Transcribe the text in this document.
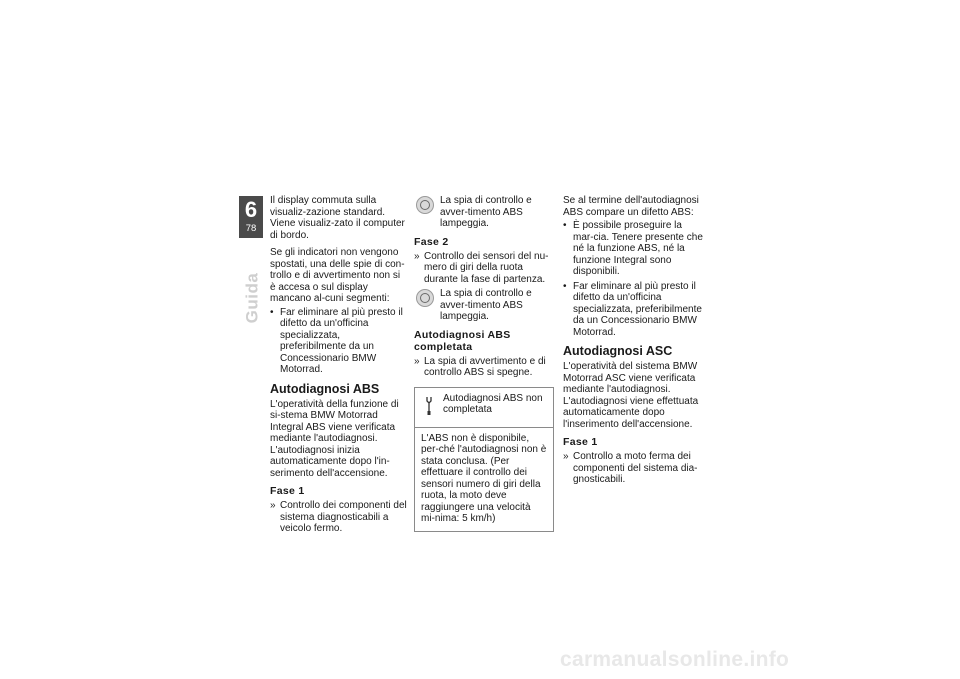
6
78
Guida

Il display commuta sulla visualiz-zazione standard. Viene visualiz-zato il computer di bordo.

Se gli indicatori non vengono spostati, una delle spie di con-trollo e di avvertimento non si è accesa o sul display mancano al-cuni segmenti:

• Far eliminare al più presto il difetto da un'officina specializzata, preferibilmente da un Concessionario BMW Motorrad.
Autodiagnosi ABS

L'operatività della funzione di si-stema BMW Motorrad Integral ABS viene verificata mediante l'autodiagnosi. L'autodiagnosi inizia automaticamente dopo l'in-serimento dell'accensione.

Fase 1
» Controllo dei componenti del sistema diagnosticabili a veicolo fermo.
La spia di controllo e avver-timento ABS lampeggia.
Fase 2
» Controllo dei sensori del nu-mero di giri della ruota durante la fase di partenza.
La spia di controllo e avver-timento ABS lampeggia.
Autodiagnosi ABS completata
» La spia di avvertimento e di controllo ABS si spegne.
Autodiagnosi ABS non completata
L'ABS non è disponibile, per-ché l'autodiagnosi non è stata conclusa. (Per effettuare il controllo dei sensori numero di giri della ruota, la moto deve raggiungere una velocità mi-nima: 5 km/h)

Se al termine dell'autodiagnosi ABS compare un difetto ABS:

• È possibile proseguire la mar-cia. Tenere presente che né la funzione ABS, né la funzione Integral sono disponibili.
• Far eliminare al più presto il difetto da un'officina specializzata, preferibilmente da un Concessionario BMW Motorrad.
Autodiagnosi ASC

L'operatività del sistema BMW Motorrad ASC viene verificata mediante l'autodiagnosi. L'autodiagnosi viene effettuata automaticamente dopo l'inserimento dell'accensione.

Fase 1
» Controllo a moto ferma dei componenti del sistema dia-gnosticabili.
carmanualsonline.info
